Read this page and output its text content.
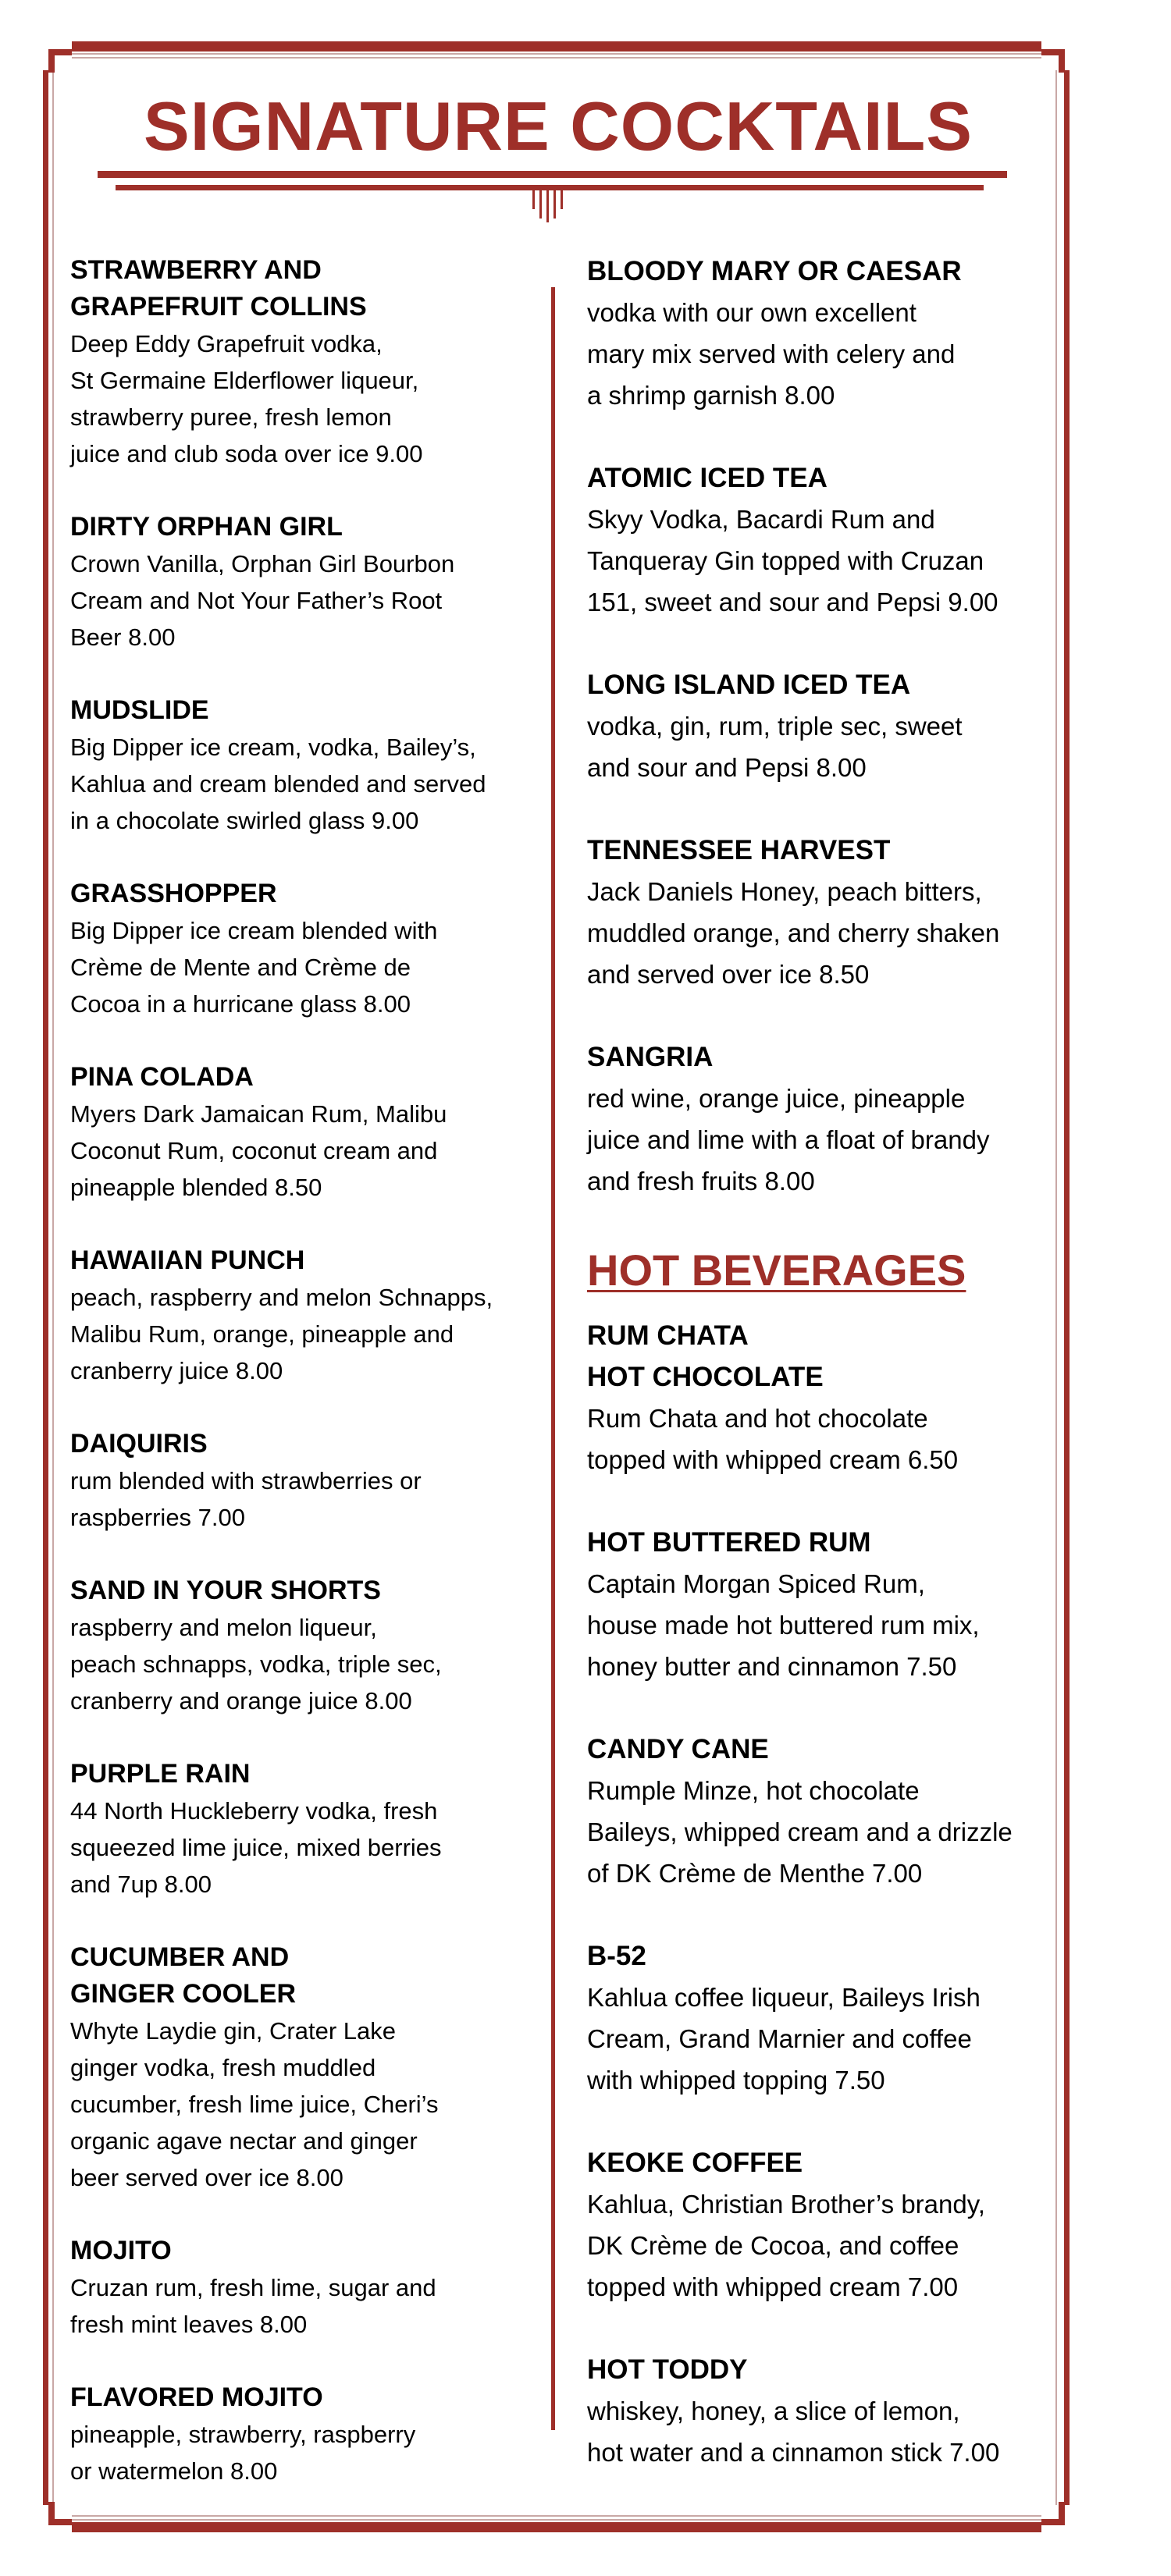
SIGNATURE COCKTAILS
STRAWBERRY AND
GRAPEFRUIT COLLINS
Deep Eddy Grapefruit vodka,
St Germaine Elderflower liqueur,
strawberry puree, fresh lemon
juice and club soda over ice 9.00
DIRTY ORPHAN GIRL
Crown Vanilla, Orphan Girl Bourbon
Cream and Not Your Father’s Root
Beer 8.00
MUDSLIDE
Big Dipper ice cream, vodka, Bailey’s,
Kahlua and cream blended and served
in a chocolate swirled glass 9.00
GRASSHOPPER
Big Dipper ice cream blended with
Crème de Mente and Crème de
Cocoa in a hurricane glass 8.00
PINA COLADA
Myers Dark Jamaican Rum, Malibu
Coconut Rum, coconut cream and
pineapple blended 8.50
HAWAIIAN PUNCH
peach, raspberry and melon Schnapps,
Malibu Rum, orange, pineapple and
cranberry juice 8.00
DAIQUIRIS
rum blended with strawberries or
raspberries 7.00
SAND IN YOUR SHORTS
raspberry and melon liqueur,
peach schnapps, vodka, triple sec,
cranberry and orange juice 8.00
PURPLE RAIN
44 North Huckleberry vodka, fresh
squeezed lime juice, mixed berries
and 7up 8.00
CUCUMBER AND
GINGER COOLER
Whyte Laydie gin, Crater Lake
ginger vodka, fresh muddled
cucumber, fresh lime juice, Cheri’s
organic agave nectar and ginger
beer served over ice 8.00
MOJITO
Cruzan rum, fresh lime, sugar and
fresh mint leaves 8.00
FLAVORED MOJITO
pineapple, strawberry, raspberry
or watermelon 8.00
BLOODY MARY OR CAESAR
vodka with our own excellent
mary mix served with celery and
a shrimp garnish 8.00
ATOMIC ICED TEA
Skyy Vodka, Bacardi Rum and
Tanqueray Gin topped with Cruzan
151, sweet and sour and Pepsi 9.00
LONG ISLAND ICED TEA
vodka, gin, rum, triple sec, sweet
and sour and Pepsi 8.00
TENNESSEE HARVEST
Jack Daniels Honey, peach bitters,
muddled orange, and cherry shaken
and served over ice 8.50
SANGRIA
red wine, orange juice, pineapple
juice and lime with a float of brandy
and fresh fruits 8.00
HOT BEVERAGES
RUM CHATA
HOT CHOCOLATE
Rum Chata and hot chocolate
topped with whipped cream 6.50
HOT BUTTERED RUM
Captain Morgan Spiced Rum,
house made hot buttered rum mix,
honey butter and cinnamon 7.50
CANDY CANE
Rumple Minze, hot chocolate
Baileys, whipped cream and a drizzle
of DK Crème de Menthe 7.00
B-52
Kahlua coffee liqueur, Baileys Irish
Cream, Grand Marnier and coffee
with whipped topping 7.50
KEOKE COFFEE
Kahlua, Christian Brother’s brandy,
DK Crème de Cocoa, and coffee
topped with whipped cream 7.00
HOT TODDY
whiskey, honey, a slice of lemon,
hot water and a cinnamon stick 7.00
